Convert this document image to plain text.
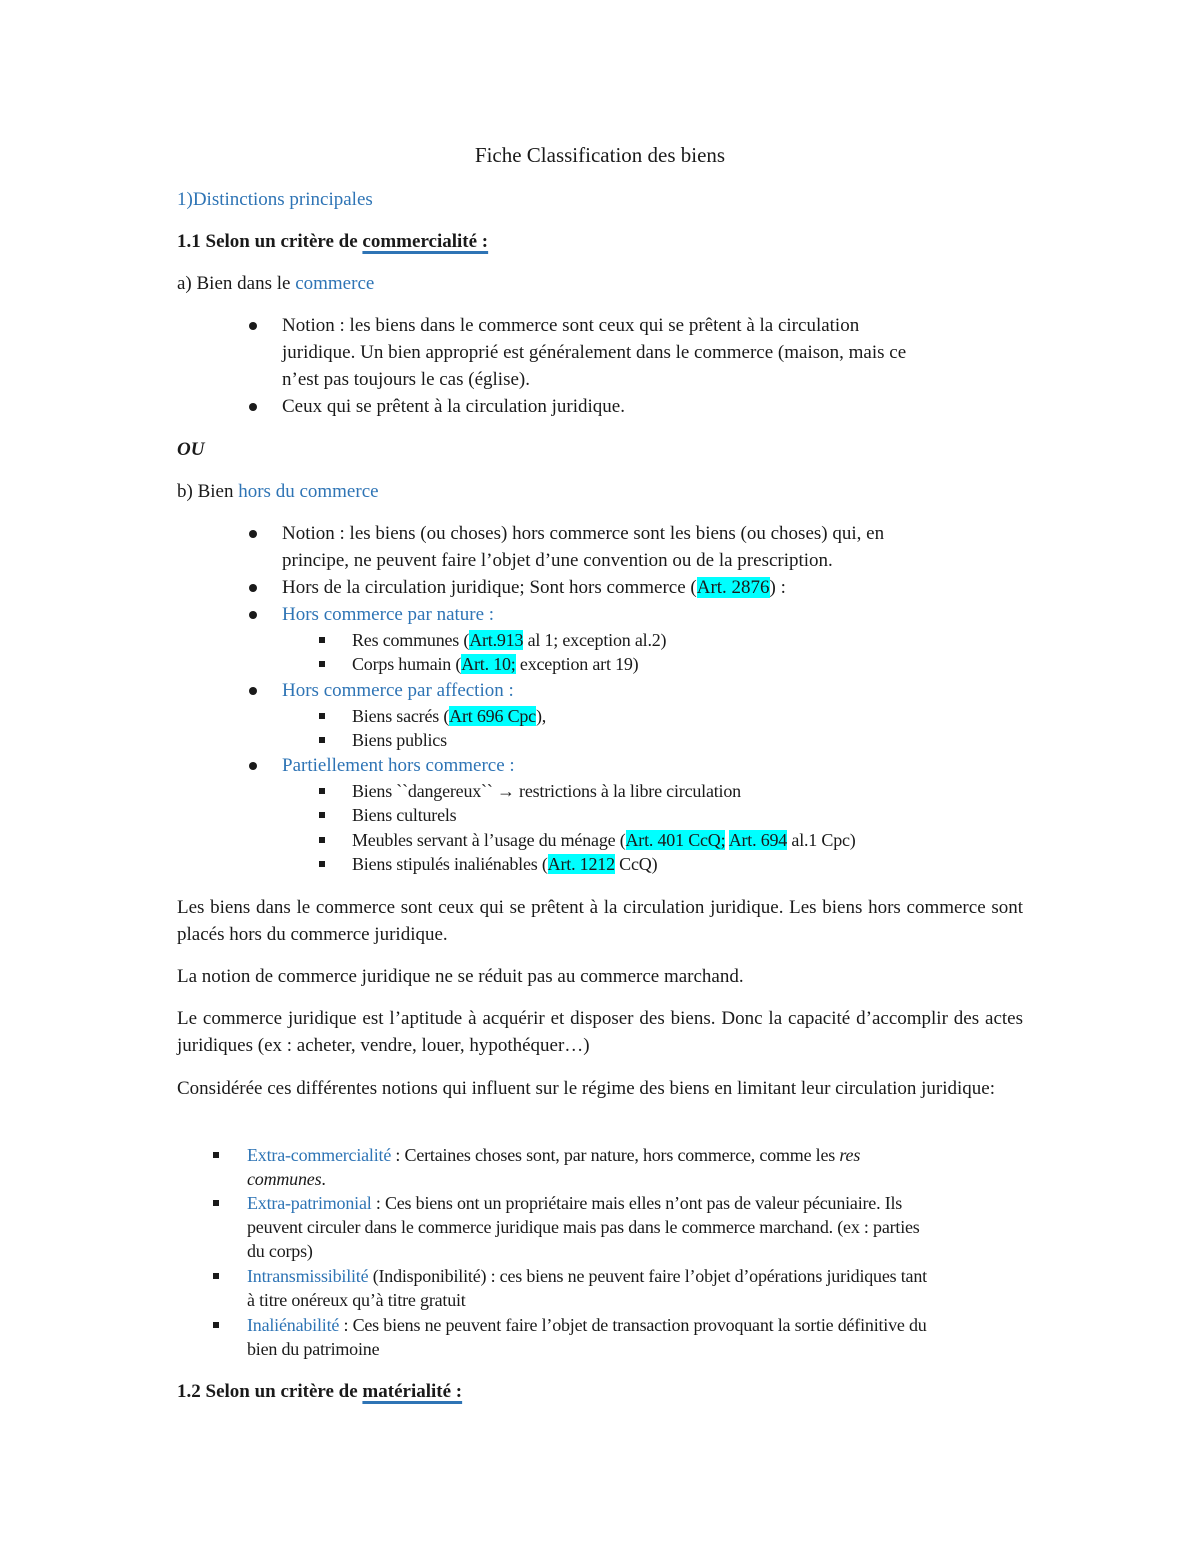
Fiche Classification des biens
1)Distinctions principales
1.1 Selon un critère de commercialité :
a) Bien dans le commerce
Notion : les biens dans le commerce sont ceux qui se prêtent à la circulation
juridique. Un bien approprié est généralement dans le commerce (maison, mais ce
n’est pas toujours le cas (église).
Ceux qui se prêtent à la circulation juridique.
OU
b) Bien hors du commerce
Notion : les biens (ou choses) hors commerce sont les biens (ou choses) qui, en
principe, ne peuvent faire l’objet d’une convention ou de la prescription.
Hors de la circulation juridique; Sont hors commerce (Art. 2876) :
Hors commerce par nature :
Res communes (Art.913 al 1; exception al.2)
Corps humain (Art. 10; exception art 19)
Hors commerce par affection :
Biens sacrés (Art 696 Cpc),
Biens publics
Partiellement hors commerce :
Biens ``dangereux`` → restrictions à la libre circulation
Biens culturels
Meubles servant à l’usage du ménage (Art. 401 CcQ; Art. 694 al.1 Cpc)
Biens stipulés inaliénables (Art. 1212 CcQ)
Les biens dans le commerce sont ceux qui se prêtent à la circulation juridique. Les biens hors commerce sont placés hors du commerce juridique.
La notion de commerce juridique ne se réduit pas au commerce marchand.
Le commerce juridique est l’aptitude à acquérir et disposer des biens. Donc la capacité d’accomplir des actes juridiques (ex : acheter, vendre, louer, hypothéquer…)
Considérée ces différentes notions qui influent sur le régime des biens en limitant leur circulation juridique:
Extra-commercialité : Certaines choses sont, par nature, hors commerce, comme les res
communes.
Extra-patrimonial : Ces biens ont un propriétaire mais elles n’ont pas de valeur pécuniaire. Ils
peuvent circuler dans le commerce juridique mais pas dans le commerce marchand. (ex : parties
du corps)
Intransmissibilité (Indisponibilité) : ces biens ne peuvent faire l’objet d’opérations juridiques tant
à titre onéreux qu’à titre gratuit
Inaliénabilité : Ces biens ne peuvent faire l’objet de transaction provoquant la sortie définitive du
bien du patrimoine
1.2 Selon un critère de matérialité :
